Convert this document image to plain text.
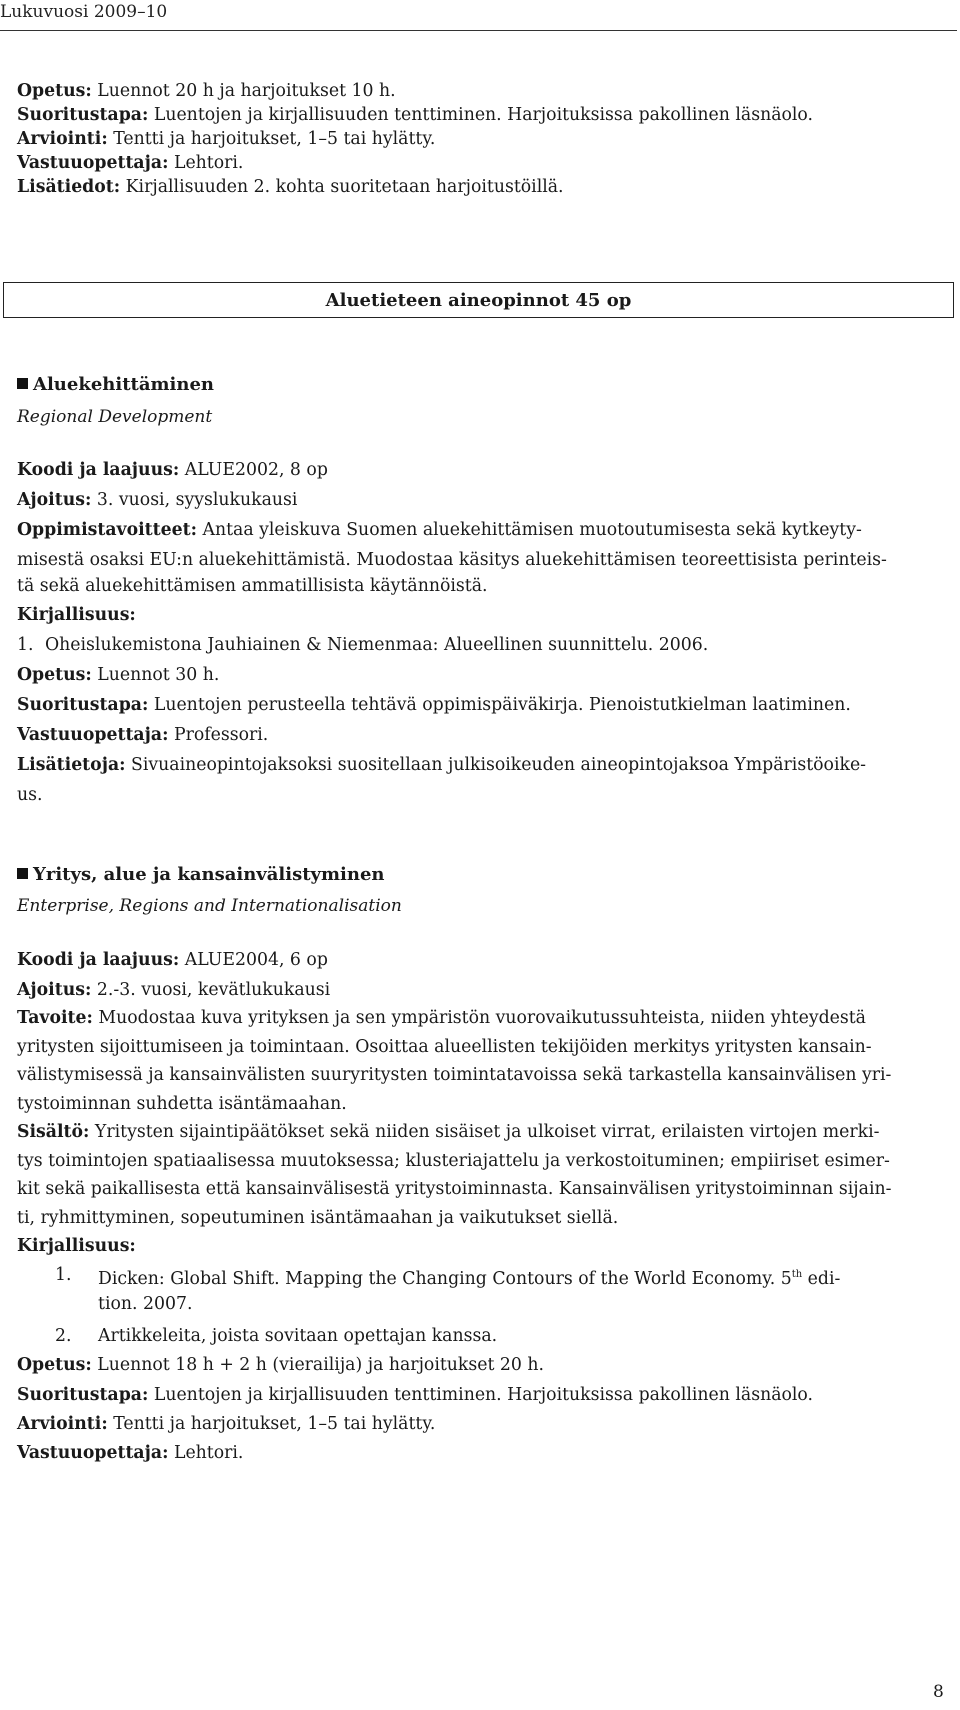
Lukuvuosi 2009–10
Opetus: Luennot 20 h ja harjoitukset 10 h.
Suoritustapa: Luentojen ja kirjallisuuden tenttiminen. Harjoituksissa pakollinen läsnäolo.
Arviointi: Tentti ja harjoitukset, 1–5 tai hylätty.
Vastuuopettaja: Lehtori.
Lisätiedot: Kirjallisuuden 2. kohta suoritetaan harjoitustöillä.
Aluetieteen aineopinnot 45 op
Aluekehittäminen
Regional Development
Koodi ja laajuus: ALUE2002, 8 op
Ajoitus: 3. vuosi, syyslukukausi
Oppimistavoitteet: Antaa yleiskuva Suomen aluekehittämisen muotoutumisesta sekä kytkeyty-
misestä osaksi EU:n aluekehittämistä. Muodostaa käsitys aluekehittämisen teoreettisista perinteis-
tä sekä aluekehittämisen ammatillisista käytännöistä.
Kirjallisuus:
1. Oheislukemistona Jauhiainen & Niemenmaa: Alueellinen suunnittelu. 2006.
Opetus: Luennot 30 h.
Suoritustapa: Luentojen perusteella tehtävä oppimispäiväkirja. Pienoistutkielman laatiminen.
Vastuuopettaja: Professori.
Lisätietoja: Sivuaineopintojaksoksi suositellaan julkisoikeuden aineopintojaksoa Ympäristöoike-
us.
Yritys, alue ja kansainvälistyminen
Enterprise, Regions and Internationalisation
Koodi ja laajuus: ALUE2004, 6 op
Ajoitus: 2.-3. vuosi, kevätlukukausi
Tavoite: Muodostaa kuva yrityksen ja sen ympäristön vuorovaikutussuhteista, niiden yhteydestä
yritysten sijoittumiseen ja toimintaan. Osoittaa alueellisten tekijöiden merkitys yritysten kansain-
välistymisessä ja kansainvälisten suuryritysten toimintatavoissa sekä tarkastella kansainvälisen yri-
tystoiminnan suhdetta isäntämaahan.
Sisältö: Yritysten sijaintipäätökset sekä niiden sisäiset ja ulkoiset virrat, erilaisten virtojen merki-
tys toimintojen spatiaalisessa muutoksessa; klusteriajattelu ja verkostoituminen; empiiriset esimer-
kit sekä paikallisesta että kansainvälisestä yritystoiminnasta. Kansainvälisen yritystoiminnan sijain-
ti, ryhmittyminen, sopeutuminen isäntämaahan ja vaikutukset siellä.
Kirjallisuus:
1. Dicken: Global Shift. Mapping the Changing Contours of the World Economy. 5th edi-
tion. 2007.
2. Artikkeleita, joista sovitaan opettajan kanssa.
Opetus: Luennot 18 h + 2 h (vierailija) ja harjoitukset 20 h.
Suoritustapa: Luentojen ja kirjallisuuden tenttiminen. Harjoituksissa pakollinen läsnäolo.
Arviointi: Tentti ja harjoitukset, 1–5 tai hylätty.
Vastuuopettaja: Lehtori.
8
